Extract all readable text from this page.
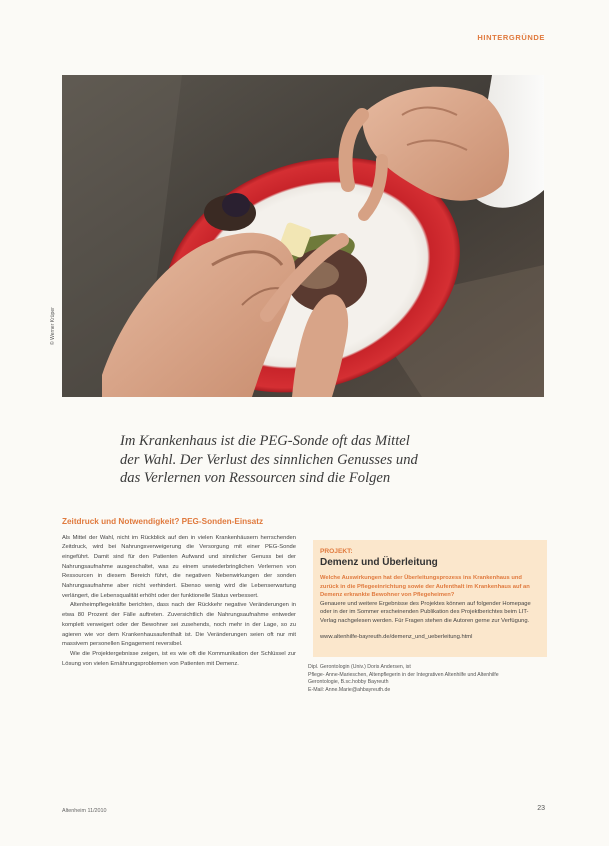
HINTERGRÜNDE
© Werner Krüper
Im Krankenhaus ist die PEG-Sonde oft das Mittel
der Wahl. Der Verlust des sinnlichen Genusses und
das Verlernen von Ressourcen sind die Folgen
Zeitdruck und Notwendigkeit? PEG-Sonden-Einsatz

Als Mittel der Wahl, nicht im Rückblick auf den in vielen Krankenhäusern herrschenden Zeitdruck, wird bei Nahrungsverweigerung die Versorgung mit einer PEG-Sonde eingeführt. Damit sind für den Patienten Aufwand und sinnlicher Genuss bei der Nahrungsaufnahme ausgeschaltet, was zu einem unwiederbringlichen Verlernen von Ressourcen in diesem Bereich führt, die negativen Nebenwirkungen der sonden Nahrungsaufnahme aber nicht verhindert. Ebenso wenig wird die Lebenserwartung verlängert, die Lebensqualität erhöht oder der funktionelle Status verbessert.

Altenheimpflegekräfte berichten, dass nach der Rückkehr negative Veränderungen in etwa 80 Prozent der Fälle auftreten. Zuversichtlich die Nahrungsaufnahme entweder komplett verweigert oder der Bewohner sei zusehends, noch mehr in der Lage, so zu agieren wie vor dem Krankenhausaufenthalt ist. Die Veränderungen seien oft nur mit massivem personellen Engagement reversibel.

Wie die Projektergebnisse zeigen, ist es wie oft die Kommunikation der Schlüssel zur Lösung von vielen Ernährungsproblemen von Patienten mit Demenz.

PROJEKT:
Demenz und Überleitung
Welche Auswirkungen hat der Überleitungsprozess ins Krankenhaus und zurück in die Pflegeeinrichtung sowie der Aufenthalt im Krankenhaus auf an Demenz erkrankte Bewohner von Pflegeheimen?
Genauere und weitere Ergebnisse des Projektes können auf folgender Homepage oder in der im Sommer erscheinenden Publikation des Projektberichtes beim LIT-Verlag nachgelesen werden. Für Fragen stehen die Autoren gerne zur Verfügung.
www.altenhilfe-bayreuth.de/demenz_und_ueberleitung.html

Dipl. Gerontologin (Univ.) Doris Andersen, ist

Pflege- Anne-Marieschen, Altenpflegerin in der Integrativen Altenhilfe und Altenhilfe

Gerontologie, B.sc.hobby Bayreuth

E-Mail: Anne.Marie@ahbayreuth.de

Altenheim 11/2010	23
